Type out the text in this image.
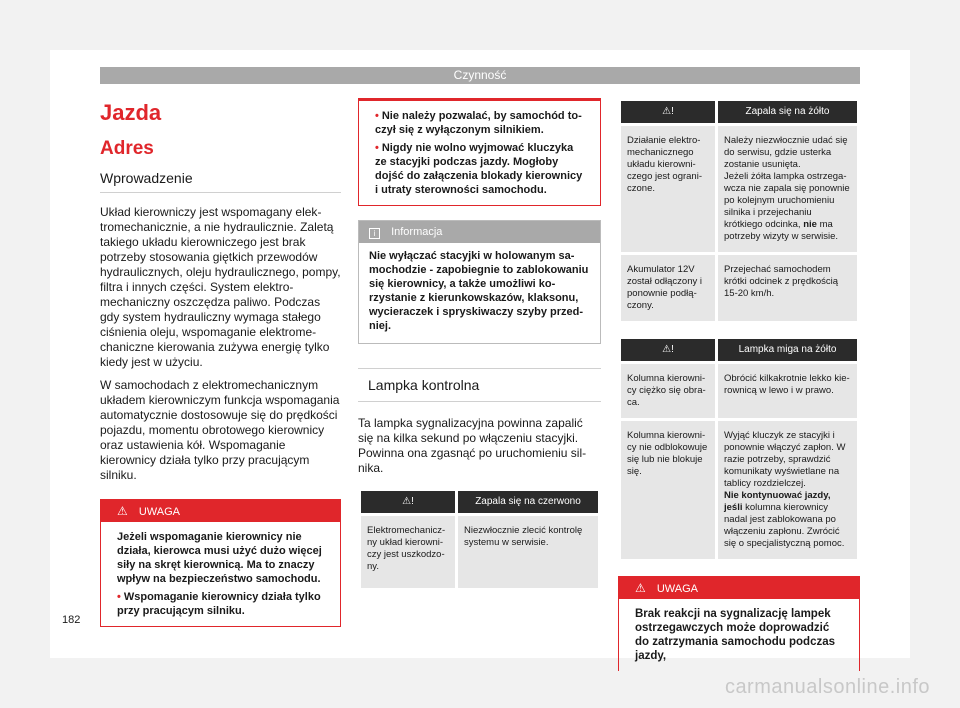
Czynność
Jazda
Adres
Wprowadzenie

Układ kierowniczy jest wspomagany elektromechanicznie, a nie hydraulicznie. Zaletą takiego układu kierowniczego jest brak potrzeby stosowania giętkich przewodów hydraulicznych, oleju hydraulicznego, pompy, filtra i innych części. System elektromechaniczny oszczędza paliwo. Podczas gdy system hydrauliczny wymaga stałego ciśnienia oleju, wspomaganie elektromechaniczne kierowania zużywa energię tylko kiedy jest w użyciu.

W samochodach z elektromechanicznym układem kierowniczym funkcja wspomagania automatycznie dostosowuje się do prędkości pojazdu, momentu obrotowego kierownicy oraz ustawienia kół. Wspomaganie kierownicy działa tylko przy pracującym silniku.

⚠ UWAGA
Jeżeli wspomaganie kierownicy nie działa, kierowca musi użyć dużo więcej siły na skręt kierownicą. Ma to znaczy wpływ na bezpieczeństwo samochodu.
• Wspomaganie kierownicy działa tylko przy pracującym silniku.
• Nie należy pozwalać, by samochód toczył się z wyłączonym silnikiem.
• Nigdy nie wolno wyjmować kluczyka ze stacyjki podczas jazdy. Mogłoby dojść do załączenia blokady kierownicy i utraty sterowności samochodu.
i Informacja
Nie wyłączać stacyjki w holowanym samochodzie - zapobiegnie to zablokowaniu się kierownicy, a także umożliwi korzystanie z kierunkowskazów, klaksonu, wycieraczek i spryskiwaczy szyby przedniej.
Lampka kontrolna

Ta lampka sygnalizacyjna powinna zapalić się na kilka sekund po włączeniu stacyjki. Powinna ona zgasnąć po uruchomieniu silnika.

⚠!	Zapala się na czerwono
Elektromechaniczny układ kierowniczy jest uszkodzony.	Niezwłocznie zlecić kontrolę systemu w serwisie.
⚠!	Zapala się na żółto
Działanie elektromechanicznego układu kierowniczego jest ograniczone.	Należy niezwłocznie udać się do serwisu, gdzie usterka zostanie usunięta.
Jeżeli żółta lampka ostrzegawcza nie zapala się ponownie po kolejnym uruchomieniu silnika i przejechaniu krótkiego odcinka, nie ma potrzeby wizyty w serwisie.

Akumulator 12V został odłączony i ponownie podłączony.	Przejechać samochodem krótki odcinek z prędkością 15-20 km/h.
⚠!	Lampka miga na żółto
Kolumna kierownicy ciężko się obraca.	Obrócić kilkakrotnie lekko kierownicą w lewo i w prawo.
Kolumna kierownicy nie odblokowuje się lub nie blokuje się.	Wyjąć kluczyk ze stacyjki i ponownie włączyć zapłon. W razie potrzeby, sprawdzić komunikaty wyświetlane na tablicy rozdzielczej.
Nie kontynuować jazdy, jeśli kolumna kierownicy nadal jest zablokowana po włączeniu zapłonu. Zwrócić się o specjalistyczną pomoc.
⚠ UWAGA
Brak reakcji na sygnalizację lampek ostrzegawczych może doprowadzić do zatrzymania samochodu podczas jazdy,
182
carmanualsonline.info
